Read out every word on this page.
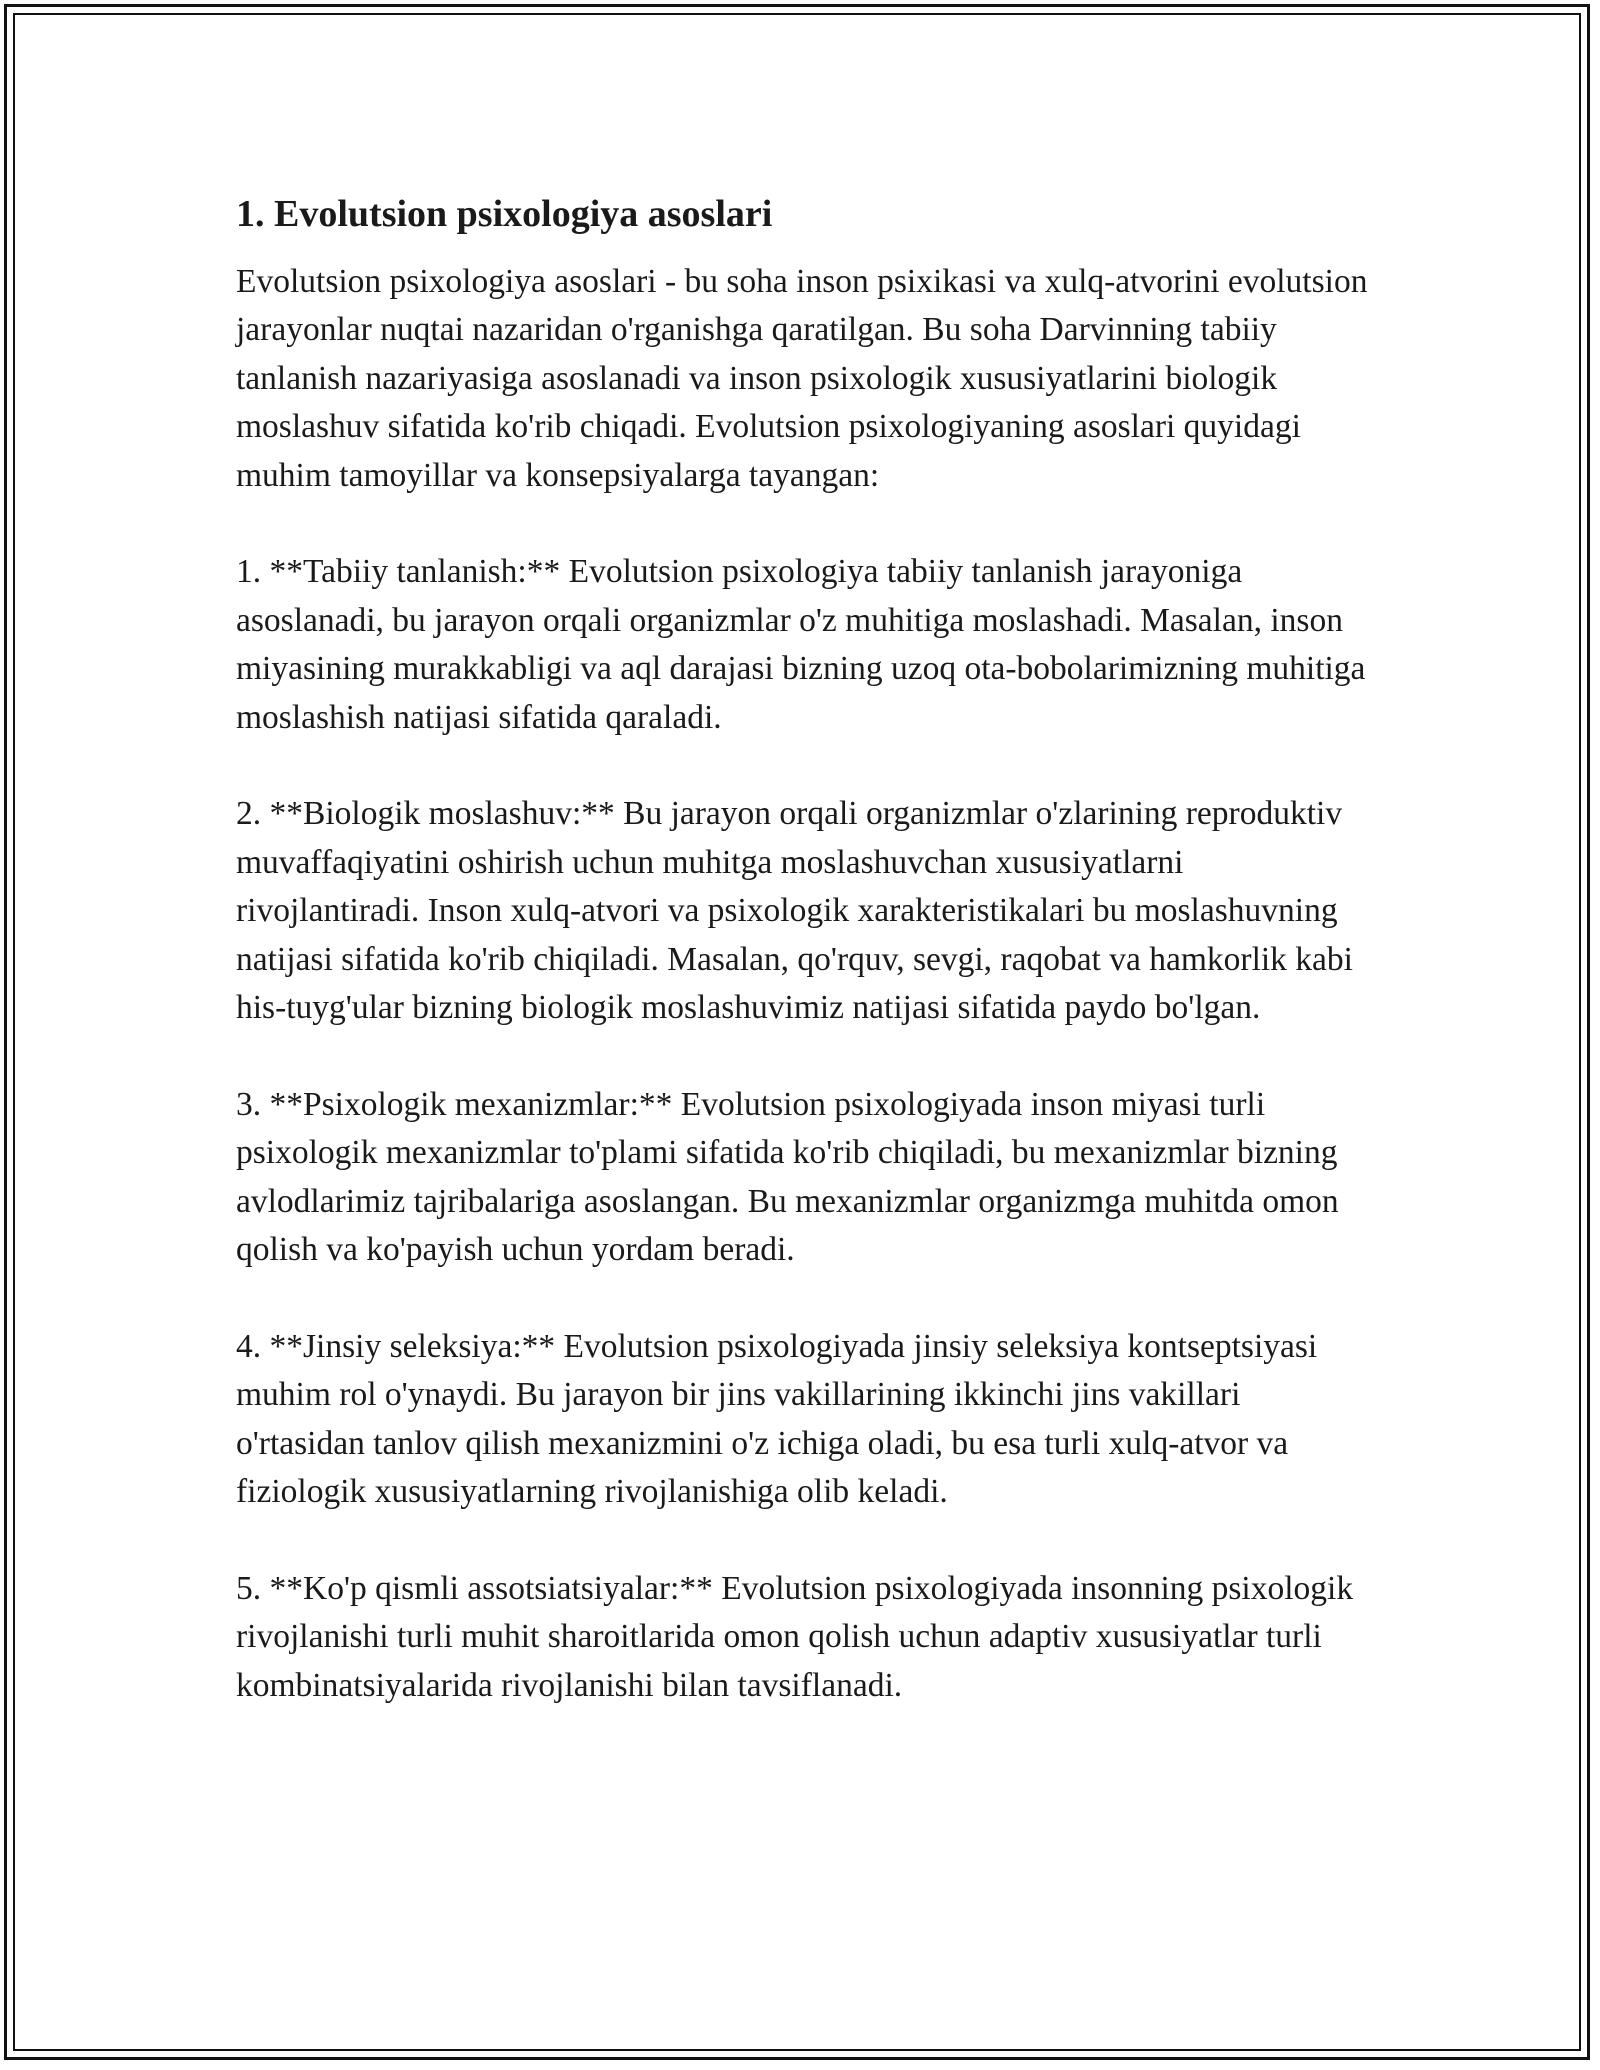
1. Evolutsion psixologiya asoslari

Evolutsion psixologiya asoslari - bu soha inson psixikasi va xulq-atvorini evolutsion jarayonlar nuqtai nazaridan o'rganishga qaratilgan. Bu soha Darvinning tabiiy tanlanish nazariyasiga asoslanadi va inson psixologik xususiyatlarini biologik moslashuv sifatida ko'rib chiqadi. Evolutsion psixologiyaning asoslari quyidagi muhim tamoyillar va konsepsiyalarga tayangan:

1. **Tabiiy tanlanish:** Evolutsion psixologiya tabiiy tanlanish jarayoniga asoslanadi, bu jarayon orqali organizmlar o'z muhitiga moslashadi. Masalan, inson miyasining murakkabligi va aql darajasi bizning uzoq ota-bobolarimizning muhitiga moslashish natijasi sifatida qaraladi.

2. **Biologik moslashuv:** Bu jarayon orqali organizmlar o'zlarining reproduktiv muvaffaqiyatini oshirish uchun muhitga moslashuvchan xususiyatlarni rivojlantiradi. Inson xulq-atvori va psixologik xarakteristikalari bu moslashuvning natijasi sifatida ko'rib chiqiladi. Masalan, qo'rquv, sevgi, raqobat va hamkorlik kabi his-tuyg'ular bizning biologik moslashuvimiz natijasi sifatida paydo bo'lgan.

3. **Psixologik mexanizmlar:** Evolutsion psixologiyada inson miyasi turli psixologik mexanizmlar to'plami sifatida ko'rib chiqiladi, bu mexanizmlar bizning avlodlarimiz tajribalariga asoslangan. Bu mexanizmlar organizmga muhitda omon qolish va ko'payish uchun yordam beradi.

4. **Jinsiy seleksiya:** Evolutsion psixologiyada jinsiy seleksiya kontseptsiyasi muhim rol o'ynaydi. Bu jarayon bir jins vakillarining ikkinchi jins vakillari o'rtasidan tanlov qilish mexanizmini o'z ichiga oladi, bu esa turli xulq-atvor va fiziologik xususiyatlarning rivojlanishiga olib keladi.

5. **Ko'p qismli assotsiatsiyalar:** Evolutsion psixologiyada insonning psixologik rivojlanishi turli muhit sharoitlarida omon qolish uchun adaptiv xususiyatlar turli kombinatsiyalarida rivojlanishi bilan tavsiflanadi.
